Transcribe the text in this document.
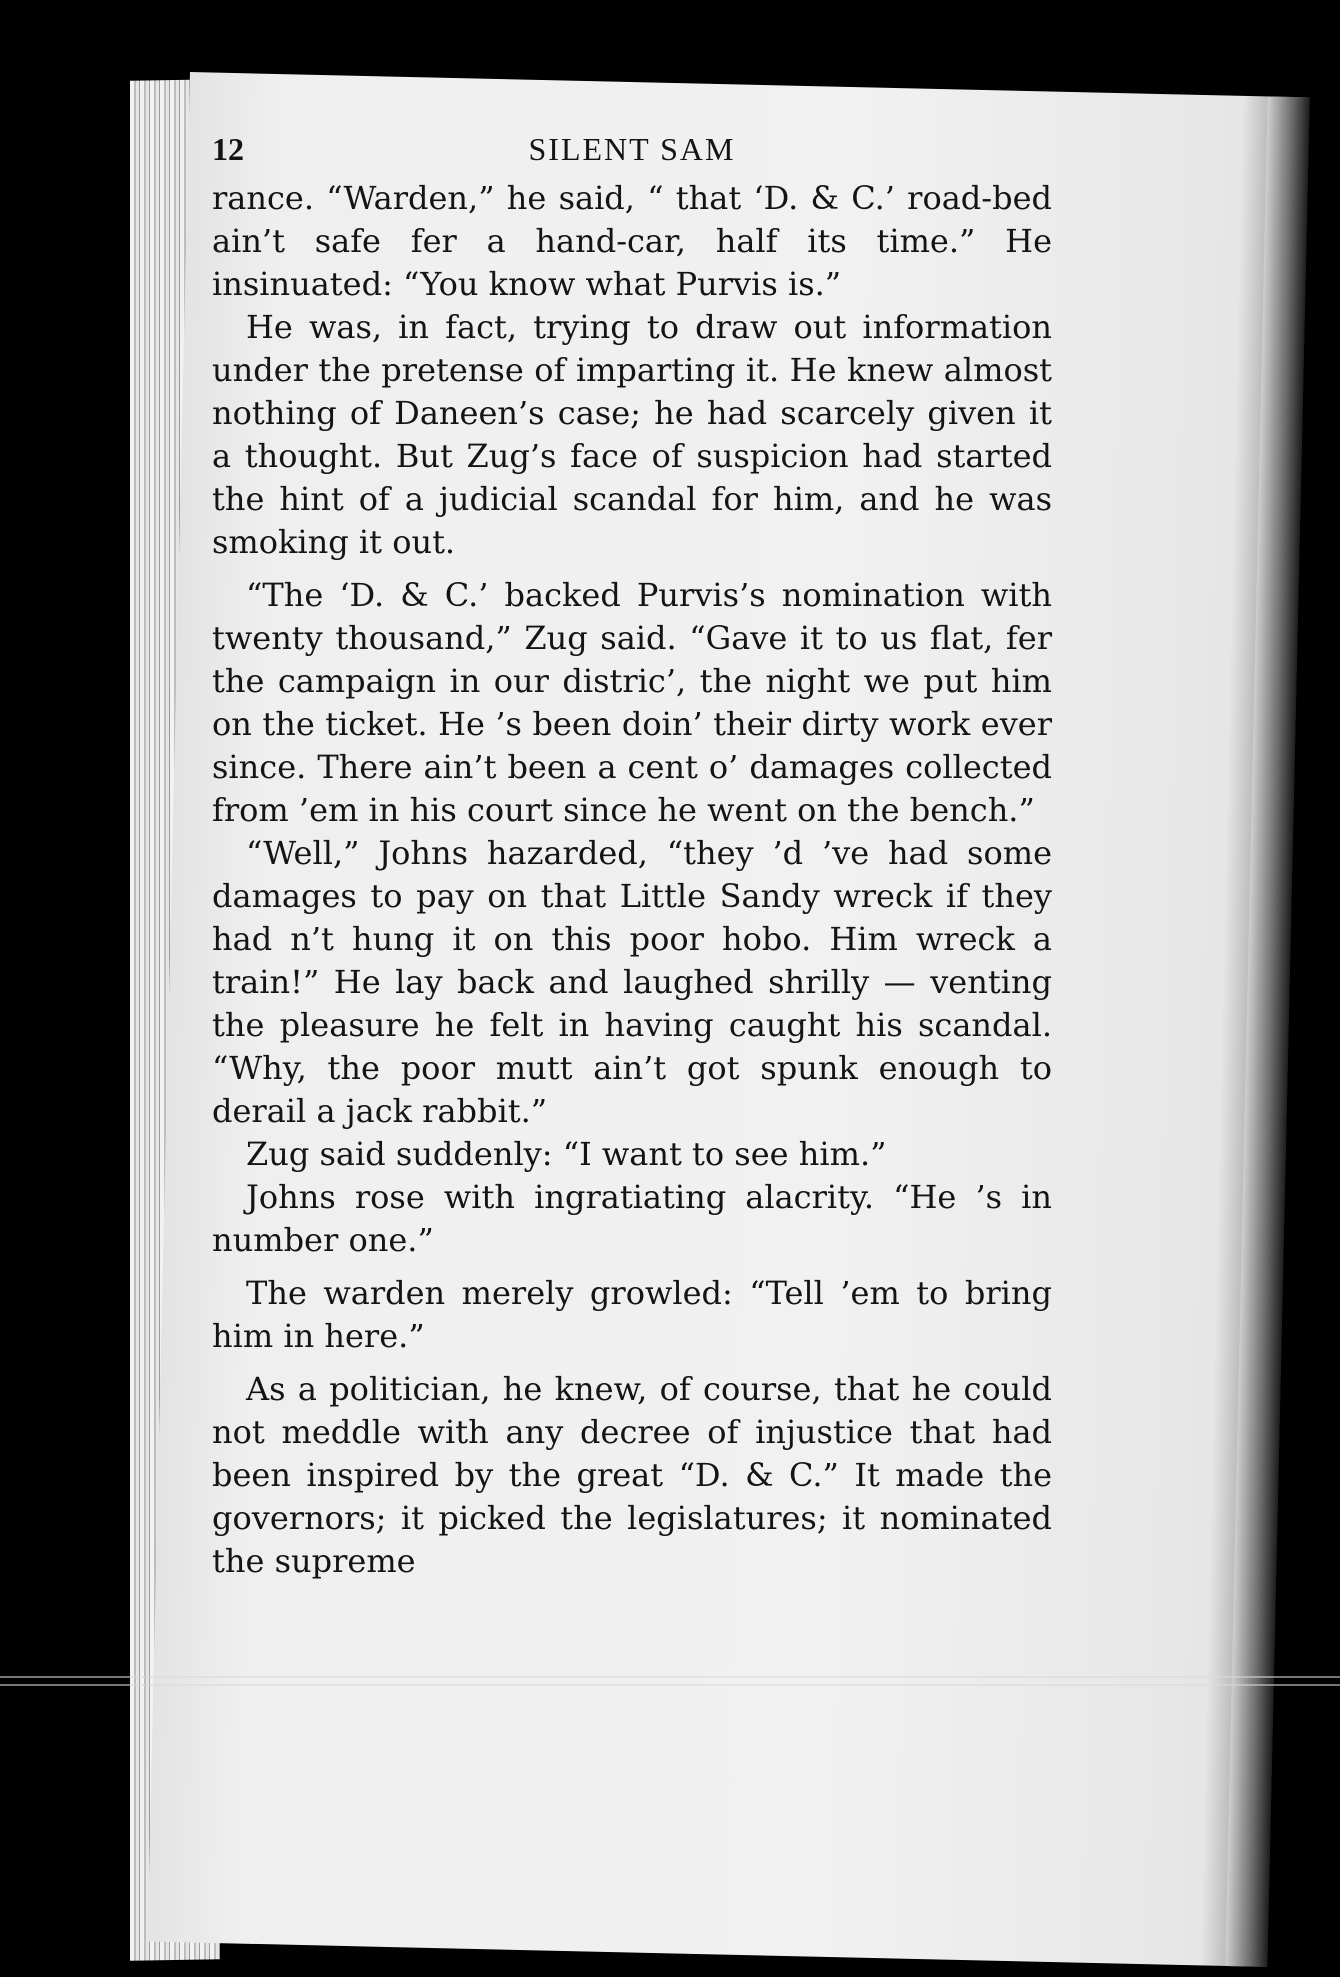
12	SILENT SAM

rance. “Warden,” he said, “ that ‘D. & C.’ road-bed ain’t safe fer a hand-car, half its time.” He insinuated: “You know what Purvis is.”

He was, in fact, trying to draw out information under the pretense of imparting it. He knew almost nothing of Daneen’s case; he had scarcely given it a thought. But Zug’s face of suspicion had started the hint of a judicial scandal for him, and he was smoking it out.

“The ‘D. & C.’ backed Purvis’s nomination with twenty thousand,” Zug said. “Gave it to us flat, fer the campaign in our distric’, the night we put him on the ticket. He ’s been doin’ their dirty work ever since. There ain’t been a cent o’ damages collected from ’em in his court since he went on the bench.”

“Well,” Johns hazarded, “they ’d ’ve had some damages to pay on that Little Sandy wreck if they had n’t hung it on this poor hobo. Him wreck a train!” He lay back and laughed shrilly — venting the pleasure he felt in having caught his scandal. “Why, the poor mutt ain’t got spunk enough to derail a jack rabbit.”

Zug said suddenly: “I want to see him.”

Johns rose with ingratiating alacrity. “He ’s in number one.”

The warden merely growled: “Tell ’em to bring him in here.”

As a politician, he knew, of course, that he could not meddle with any decree of injustice that had been inspired by the great “D. & C.” It made the governors; it picked the legislatures; it nominated the supreme
